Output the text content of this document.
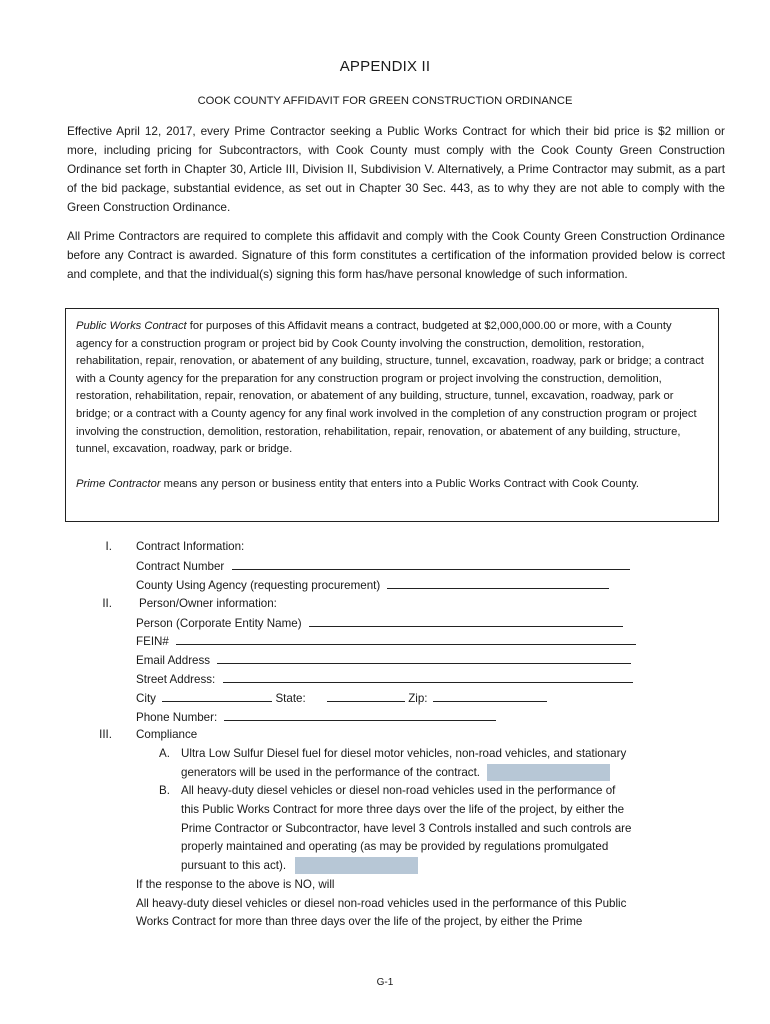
APPENDIX II
COOK COUNTY AFFIDAVIT FOR GREEN CONSTRUCTION ORDINANCE

Effective April 12, 2017, every Prime Contractor seeking a Public Works Contract for which their bid price is $2 million or more, including pricing for Subcontractors, with Cook County must comply with the Cook County Green Construction Ordinance set forth in Chapter 30, Article III, Division II, Subdivision V. Alternatively, a Prime Contractor may submit, as a part of the bid package, substantial evidence, as set out in Chapter 30 Sec. 443, as to why they are not able to comply with the Green Construction Ordinance.

All Prime Contractors are required to complete this affidavit and comply with the Cook County Green Construction Ordinance before any Contract is awarded. Signature of this form constitutes a certification of the information provided below is correct and complete, and that the individual(s) signing this form has/have personal knowledge of such information.

Public Works Contract for purposes of this Affidavit means a contract, budgeted at $2,000,000.00 or more, with a County agency for a construction program or project bid by Cook County involving the construction, demolition, restoration, rehabilitation, repair, renovation, or abatement of any building, structure, tunnel, excavation, roadway, park or bridge; a contract with a County agency for the preparation for any construction program or project involving the construction, demolition, restoration, rehabilitation, repair, renovation, or abatement of any building, structure, tunnel, excavation, roadway, park or bridge; or a contract with a County agency for any final work involved in the completion of any construction program or project involving the construction, demolition, restoration, rehabilitation, repair, renovation, or abatement of any building, structure, tunnel, excavation, roadway, park or bridge.

Prime Contractor means any person or business entity that enters into a Public Works Contract with Cook County.

I. Contract Information:
Contract Number
County Using Agency (requesting procurement)
II. Person/Owner information:
Person (Corporate Entity Name)
FEIN#
Email Address
Street Address:
City	State:	Zip:
Phone Number:
III. Compliance
A. Ultra Low Sulfur Diesel fuel for diesel motor vehicles, non-road vehicles, and stationary
generators will be used in the performance of the contract.
B. All heavy-duty diesel vehicles or diesel non-road vehicles used in the performance of
this Public Works Contract for more three days over the life of the project, by either the
Prime Contractor or Subcontractor, have level 3 Controls installed and such controls are
properly maintained and operating (as may be provided by regulations promulgated
pursuant to this act).
If the response to the above is NO, will
All heavy-duty diesel vehicles or diesel non-road vehicles used in the performance of this Public
Works Contract for more than three days over the life of the project, by either the Prime
G-1
